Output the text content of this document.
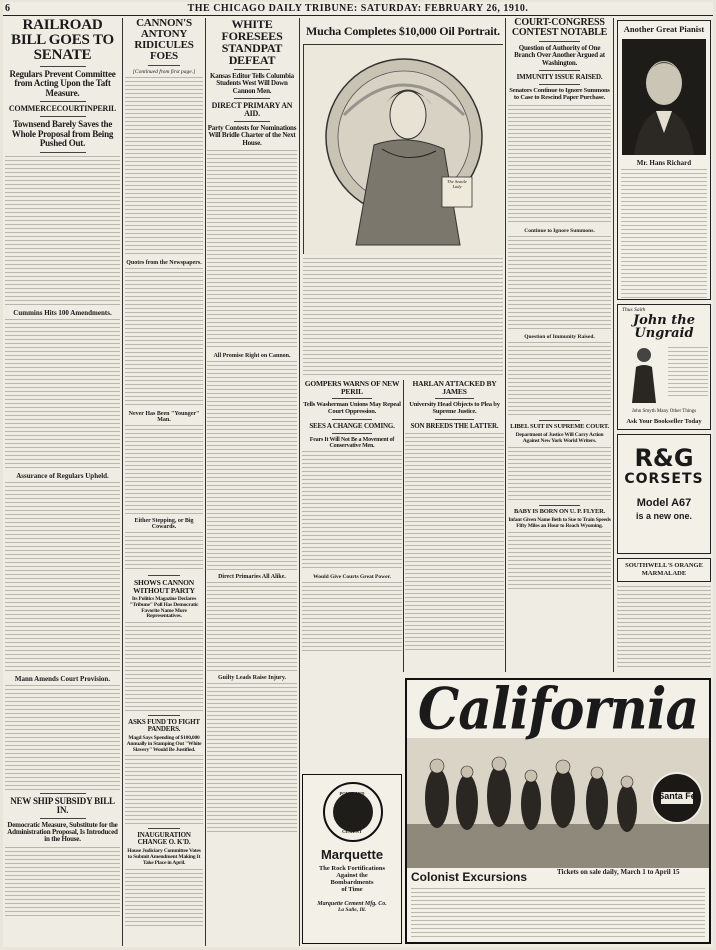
6	THE CHICAGO DAILY TRIBUNE: SATURDAY: FEBRUARY 26, 1910.
RAILROAD BILL GOES TO SENATE
Regulars Prevent Committee from Acting Upon the Taft Measure.
COMMERCECOURTINPERIL
Townsend Barely Saves the Whole Proposal from Being Pushed Out.
Cummins Hits 100 Amendments.
Assurance of Regulars Upheld.
Mann Amends Court Provision.
NEW SHIP SUBSIDY BILL IN.
Democratic Measure, Substitute for the Administration Proposal, Is Introduced in the House.
CANNON'S ANTONY RIDICULES FOES
[Continued from first page.]
Quotes from the Newspapers.
Never Has Been "Younger" Man.
Either Stepping, or Big Cowards.
SHOWS CANNON WITHOUT PARTY
Its Politics Magazine Declares "Tribune" Poll Has Democratic Favorite Name More Representatives.
ASKS FUND TO FIGHT PANDERS.
Magd Says Spending of $100,000 Annually in Stamping Out "White Slavery" Would Be Justified.
INAUGURATION CHANGE O. K'D.
House Judiciary Committee Votes to Submit Amendment Making It Take Place in April.
WHITE FORESEES STANDPAT DEFEAT
Kansas Editor Tells Columbia Students West Will Down Cannon Men.
DIRECT PRIMARY AN AID.
Party Contests for Nominations Will Bridle Charter of the Next House.
All Promise Right on Cannon.
Direct Primaries All Alike.
Guilty Leads Raise Injury.
Mucha Completes $10,000 Oil Portrait.
The Seattle Lady
GOMPERS WARNS OF NEW PERIL
Tells Washerman Unions May Repeal Court Oppression.
SEES A CHANGE COMING.
Fears It Will Not Be a Movement of Conservative Men.
Would Give Courts Great Power.
HARLAN ATTACKED BY JAMES
University Head Objects to Plea by Supreme Justice.
SON BREEDS THE LATTER.
COURT-CONGRESS CONTEST NOTABLE
Question of Authority of One Branch Over Another Argued at Washington.
IMMUNITY ISSUE RAISED.
Senators Continue to Ignore Summons to Case to Rescind Paper Purchase.
Continue to Ignore Summons.
Question of Immunity Raised.
LIBEL SUIT IN SUPREME COURT.
Department of Justice Will Carry Action Against New York World Writers.
BABY IS BORN ON U. P. FLYER.
Infant Given Name Beth to Sue to Train Speeds Fifty Miles an Hour to Reach Wyoming.
Another Great Pianist
Mr. Hans Richard
Thus Saith
John the Ungraid
John Smyth Many Other Things
Ask Your Bookseller Today
R&G
CORSETS
Model A67
is a new one.
SOUTHWELL'S ORANGE MARMALADE
PORTLAND
CEMENT
Marquette
The Rock Fortifications
Against the
Bombardments
of Time
Marquette Cement Mfg. Co.
La Salle, Ill.
California
Santa Fe
Colonist Excursions	Tickets on sale daily, March 1 to April 15
